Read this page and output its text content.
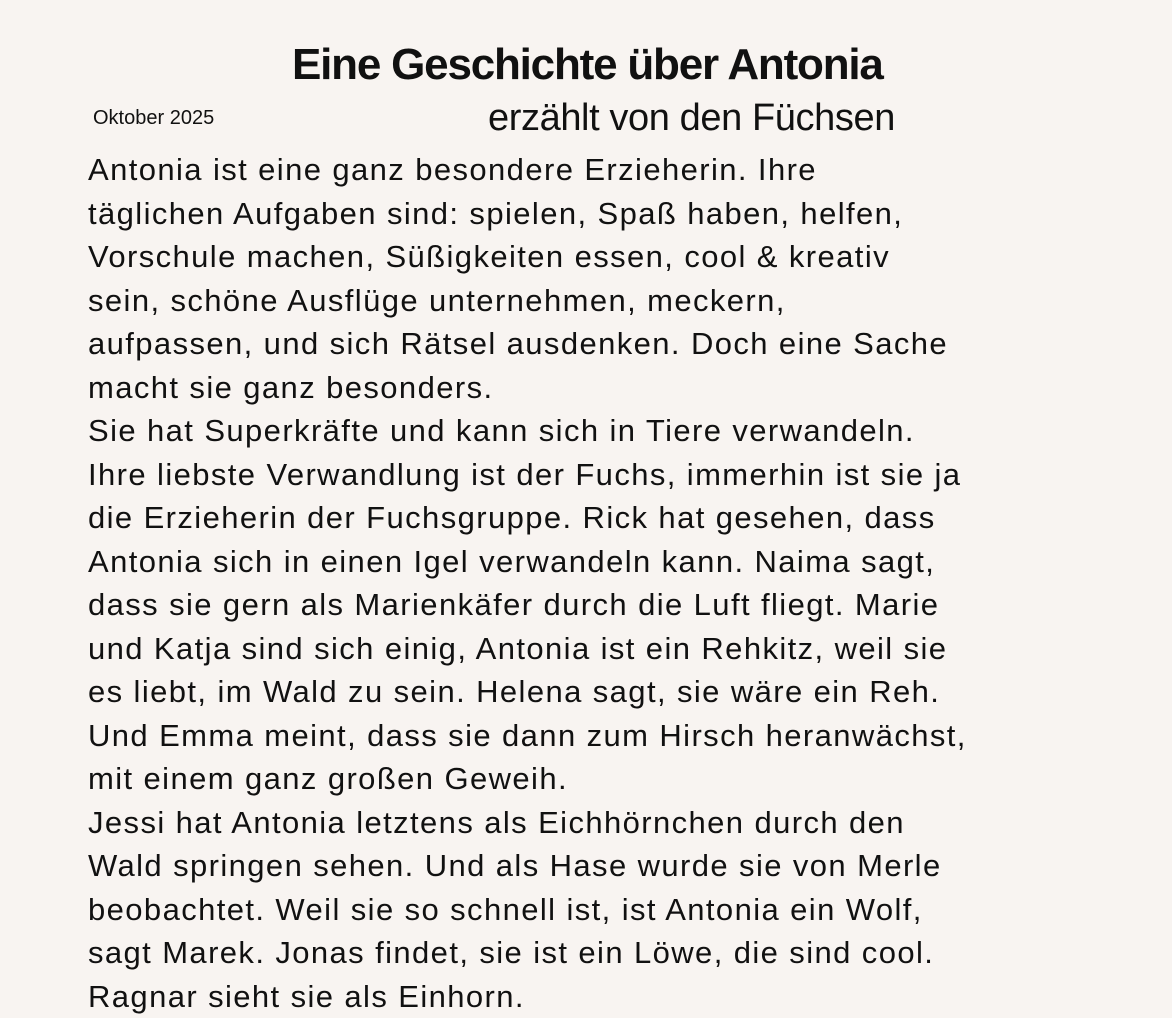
Eine Geschichte über Antonia
Oktober 2025	erzählt von den Füchsen
Antonia ist eine ganz besondere Erzieherin. Ihre
täglichen Aufgaben sind: spielen, Spaß haben, helfen,
Vorschule machen, Süßigkeiten essen, cool & kreativ
sein, schöne Ausflüge unternehmen, meckern,
aufpassen, und sich Rätsel ausdenken. Doch eine Sache
macht sie ganz besonders.
Sie hat Superkräfte und kann sich in Tiere verwandeln.
Ihre liebste Verwandlung ist der Fuchs, immerhin ist sie ja
die Erzieherin der Fuchsgruppe. Rick hat gesehen, dass
Antonia sich in einen Igel verwandeln kann. Naima sagt,
dass sie gern als Marienkäfer durch die Luft fliegt. Marie
und Katja sind sich einig, Antonia ist ein Rehkitz, weil sie
es liebt, im Wald zu sein. Helena sagt, sie wäre ein Reh.
Und Emma meint, dass sie dann zum Hirsch heranwächst,
mit einem ganz großen Geweih.
Jessi hat Antonia letztens als Eichhörnchen durch den
Wald springen sehen. Und als Hase wurde sie von Merle
beobachtet. Weil sie so schnell ist, ist Antonia ein Wolf,
sagt Marek. Jonas findet, sie ist ein Löwe, die sind cool.
Ragnar sieht sie als Einhorn.
